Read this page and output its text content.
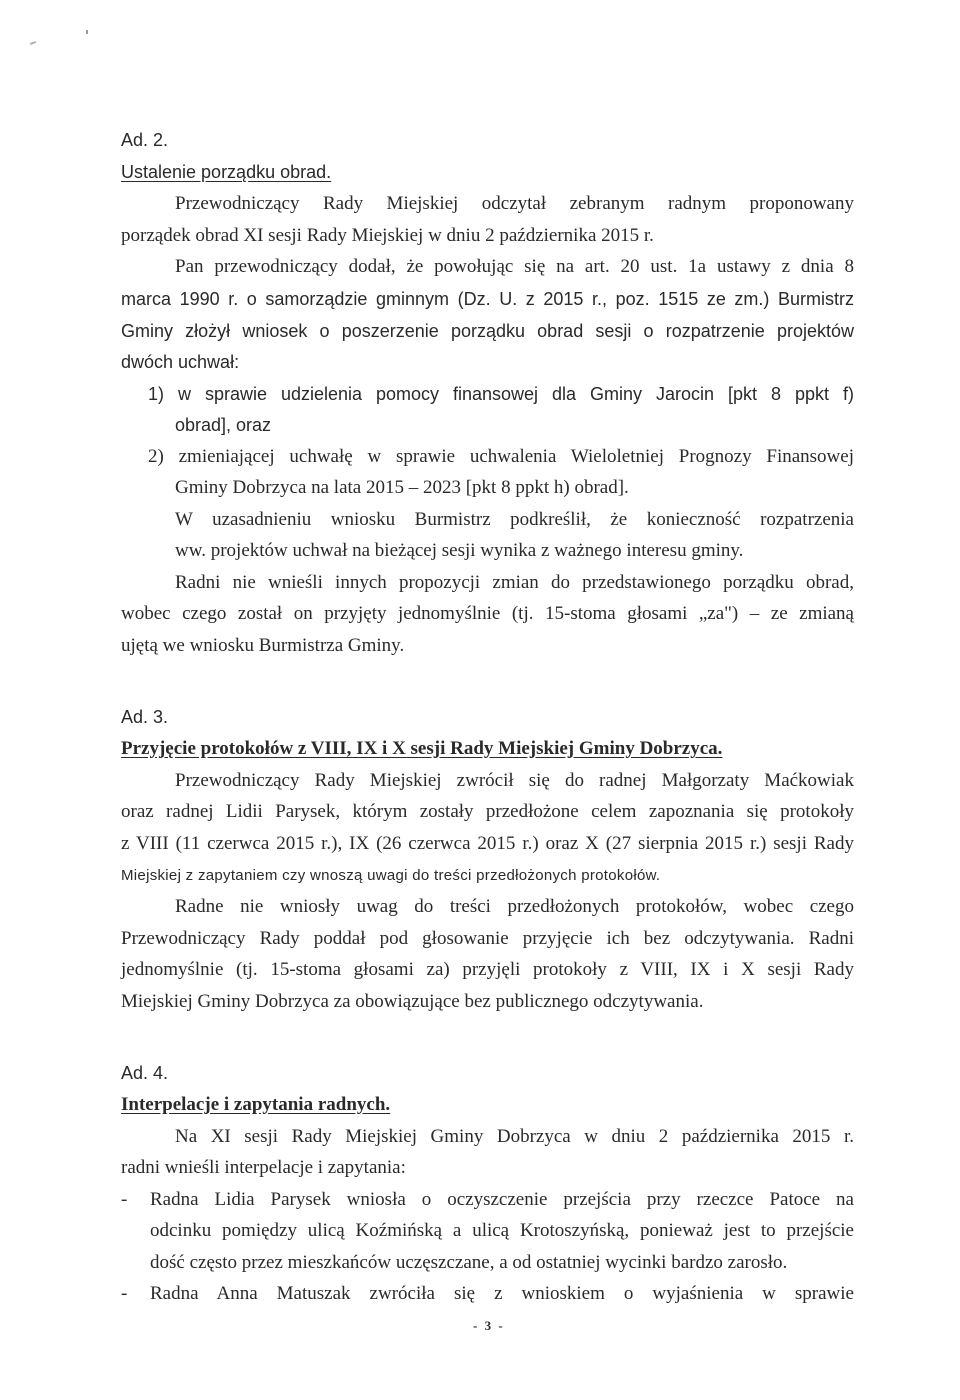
Ad. 2.
Ustalenie porządku obrad.
Przewodniczący Rady Miejskiej odczytał zebranym radnym proponowany
porządek obrad XI sesji Rady Miejskiej w dniu 2 października 2015 r.
Pan przewodniczący dodał, że powołując się na art. 20 ust. 1a ustawy z dnia 8
marca 1990 r. o samorządzie gminnym (Dz. U. z 2015 r., poz. 1515 ze zm.) Burmistrz
Gminy złożył wniosek o poszerzenie porządku obrad sesji o rozpatrzenie projektów
dwóch uchwał:
1) w sprawie udzielenia pomocy finansowej dla Gminy Jarocin [pkt 8 ppkt f)
obrad], oraz
2) zmieniającej uchwałę w sprawie uchwalenia Wieloletniej Prognozy Finansowej
Gminy Dobrzyca na lata 2015 – 2023 [pkt 8 ppkt h) obrad].
W uzasadnieniu wniosku Burmistrz podkreślił, że konieczność rozpatrzenia
ww. projektów uchwał na bieżącej sesji wynika z ważnego interesu gminy.
Radni nie wnieśli innych propozycji zmian do przedstawionego porządku obrad,
wobec czego został on przyjęty jednomyślnie (tj. 15-stoma głosami „za") – ze zmianą
ujętą we wniosku Burmistrza Gminy.
Ad. 3.
Przyjęcie protokołów z VIII, IX i X sesji Rady Miejskiej Gminy Dobrzyca.
Przewodniczący Rady Miejskiej zwrócił się do radnej Małgorzaty Maćkowiak
oraz radnej Lidii Parysek, którym zostały przedłożone celem zapoznania się protokoły
z VIII (11 czerwca 2015 r.), IX (26 czerwca 2015 r.) oraz X (27 sierpnia 2015 r.) sesji Rady
Miejskiej z zapytaniem czy wnoszą uwagi do treści przedłożonych protokołów.
Radne nie wniosły uwag do treści przedłożonych protokołów, wobec czego
Przewodniczący Rady poddał pod głosowanie przyjęcie ich bez odczytywania. Radni
jednomyślnie (tj. 15-stoma głosami za) przyjęli protokoły z VIII, IX i X sesji Rady
Miejskiej Gminy Dobrzyca za obowiązujące bez publicznego odczytywania.
Ad. 4.
Interpelacje i zapytania radnych.
Na XI sesji Rady Miejskiej Gminy Dobrzyca w dniu 2 października 2015 r.
radni wnieśli interpelacje i zapytania:
- Radna Lidia Parysek wniosła o oczyszczenie przejścia przy rzeczce Patoce na
odcinku pomiędzy ulicą Koźmińską a ulicą Krotoszyńską, ponieważ jest to przejście
dość często przez mieszkańców uczęszczane, a od ostatniej wycinki bardzo zarosło.
- Radna Anna Matuszak zwróciła się z wnioskiem o wyjaśnienia w sprawie
- 3 -
